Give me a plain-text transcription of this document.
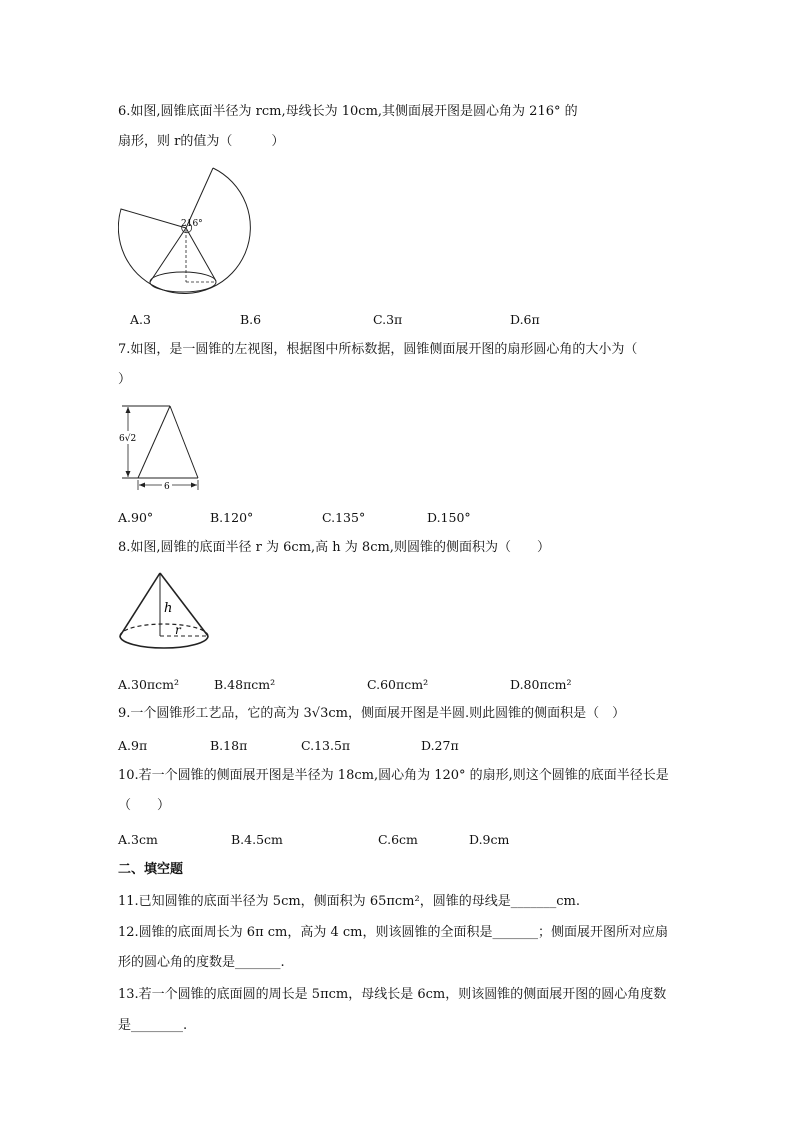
6.如图,圆锥底面半径为 rcm,母线长为 10cm,其侧面展开图是圆心角为 216° 的
扇形，则 r的值为（　　　）
216°
A.3	B.6	C.3π	D.6π
7.如图，是一圆锥的左视图，根据图中所标数据，圆锥侧面展开图的扇形圆心角的大小为（
）
6√2
6
A.90°	B.120°	C.135°	D.150°
8.如图,圆锥的底面半径 r 为 6cm,高 h 为 8cm,则圆锥的侧面积为（　　）
h
r
A.30πcm²	B.48πcm²	C.60πcm²	D.80πcm²
9.一个圆锥形工艺品，它的高为 3√3cm，侧面展开图是半圆.则此圆锥的侧面积是（　）
A.9π	B.18π	C.13.5π	D.27π
10.若一个圆锥的侧面展开图是半径为 18cm,圆心角为 120° 的扇形,则这个圆锥的底面半径长是
（　　）
A.3cm	B.4.5cm	C.6cm	D.9cm
二、填空题
11.已知圆锥的底面半径为 5cm，侧面积为 65πcm²，圆锥的母线是_______cm.
12.圆锥的底面周长为 6π cm，高为 4 cm，则该圆锥的全面积是_______；侧面展开图所对应扇
形的圆心角的度数是_______.
13.若一个圆锥的底面圆的周长是 5πcm，母线长是 6cm，则该圆锥的侧面展开图的圆心角度数
是________.
